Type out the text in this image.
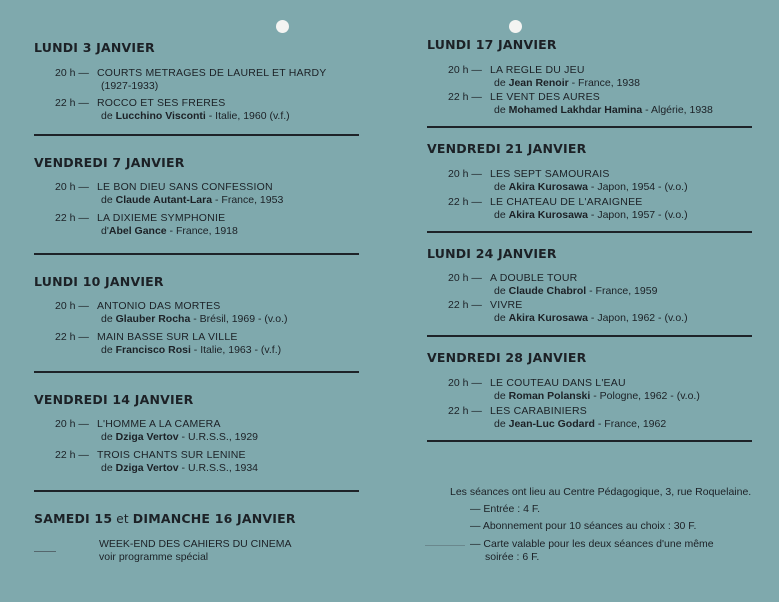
LUNDI 3 JANVIER
20 h — COURTS METRAGES DE LAUREL ET HARDY
(1927-1933)
22 h — ROCCO ET SES FRERES
de Lucchino Visconti - Italie, 1960 (v.f.)
VENDREDI 7 JANVIER
20 h — LE BON DIEU SANS CONFESSION
de Claude Autant-Lara - France, 1953
22 h — LA DIXIEME SYMPHONIE
d'Abel Gance - France, 1918
LUNDI 10 JANVIER
20 h — ANTONIO DAS MORTES
de Glauber Rocha - Brésil, 1969 - (v.o.)
22 h — MAIN BASSE SUR LA VILLE
de Francisco Rosi - Italie, 1963 - (v.f.)
VENDREDI 14 JANVIER
20 h — L'HOMME A LA CAMERA
de Dziga Vertov - U.R.S.S., 1929
22 h — TROIS CHANTS SUR LENINE
de Dziga Vertov - U.R.S.S., 1934
SAMEDI 15 et DIMANCHE 16 JANVIER
WEEK-END DES CAHIERS DU CINEMA
voir programme spécial
LUNDI 17 JANVIER
20 h — LA REGLE DU JEU
de Jean Renoir - France, 1938
22 h — LE VENT DES AURES
de Mohamed Lakhdar Hamina - Algérie, 1938
VENDREDI 21 JANVIER
20 h — LES SEPT SAMOURAIS
de Akira Kurosawa - Japon, 1954 - (v.o.)
22 h — LE CHATEAU DE L'ARAIGNEE
de Akira Kurosawa - Japon, 1957 - (v.o.)
LUNDI 24 JANVIER
20 h — A DOUBLE TOUR
de Claude Chabrol - France, 1959
22 h — VIVRE
de Akira Kurosawa - Japon, 1962 - (v.o.)
VENDREDI 28 JANVIER
20 h — LE COUTEAU DANS L'EAU
de Roman Polanski - Pologne, 1962 - (v.o.)
22 h — LES CARABINIERS
de Jean-Luc Godard - France, 1962
Les séances ont lieu au Centre Pédagogique, 3, rue Roquelaine.
— Entrée : 4 F.
— Abonnement pour 10 séances au choix : 30 F.
— Carte valable pour les deux séances d'une même
soirée : 6 F.
